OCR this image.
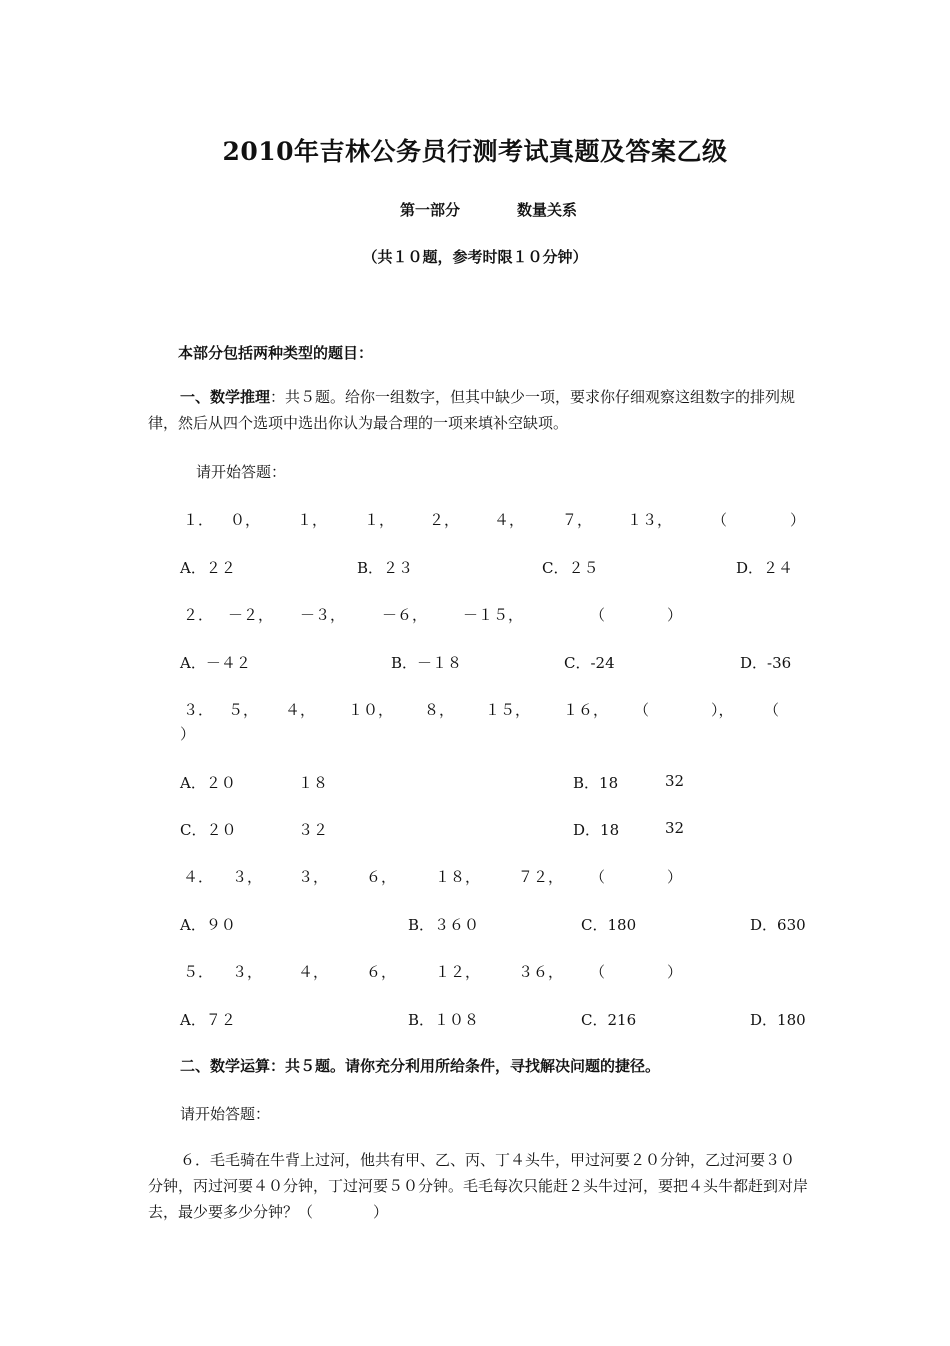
2010年吉林公务员行测考试真题及答案乙级
第一部分	数量关系
（共１０题，参考时限１０分钟）
本部分包括两种类型的题目：
一、数学推理：共５题。给你一组数字，但其中缺少一项，要求你仔细观察这组数字的排列规律，然后从四个选项中选出你认为最合理的一项来填补空缺项。
请开始答题：
１． ０， １， １， ２， ４，	７， １３，	（	）
A．２２	B．２３	C．２５	D．２４
２． －２， －３， －６， －１５，	（	）
A．－４２	B．－１８	C．-24	D．-36
３． ５， ４， １０， ８， １５， １６， （	）， （
）
A．２０	１８	B．18	32
C．２０	３２	D．18	32
４． ３， ３，	６，	１８，	７２， （	）
A．９０	B．３６０	C．180	D．630
５． ３， ４，	６，	１２，	３６， （	）
A．７２	B．１０８	C．216	D．180
二、数学运算：共５题。请你充分利用所给条件，寻找解决问题的捷径。
请开始答题：
６．毛毛骑在牛背上过河，他共有甲、乙、丙、丁４头牛，甲过河要２０分钟，乙过河要３０分钟，丙过河要４０分钟，丁过河要５０分钟。毛毛每次只能赶２头牛过河，要把４头牛都赶到对岸去，最少要多少分钟？（　　　　）
